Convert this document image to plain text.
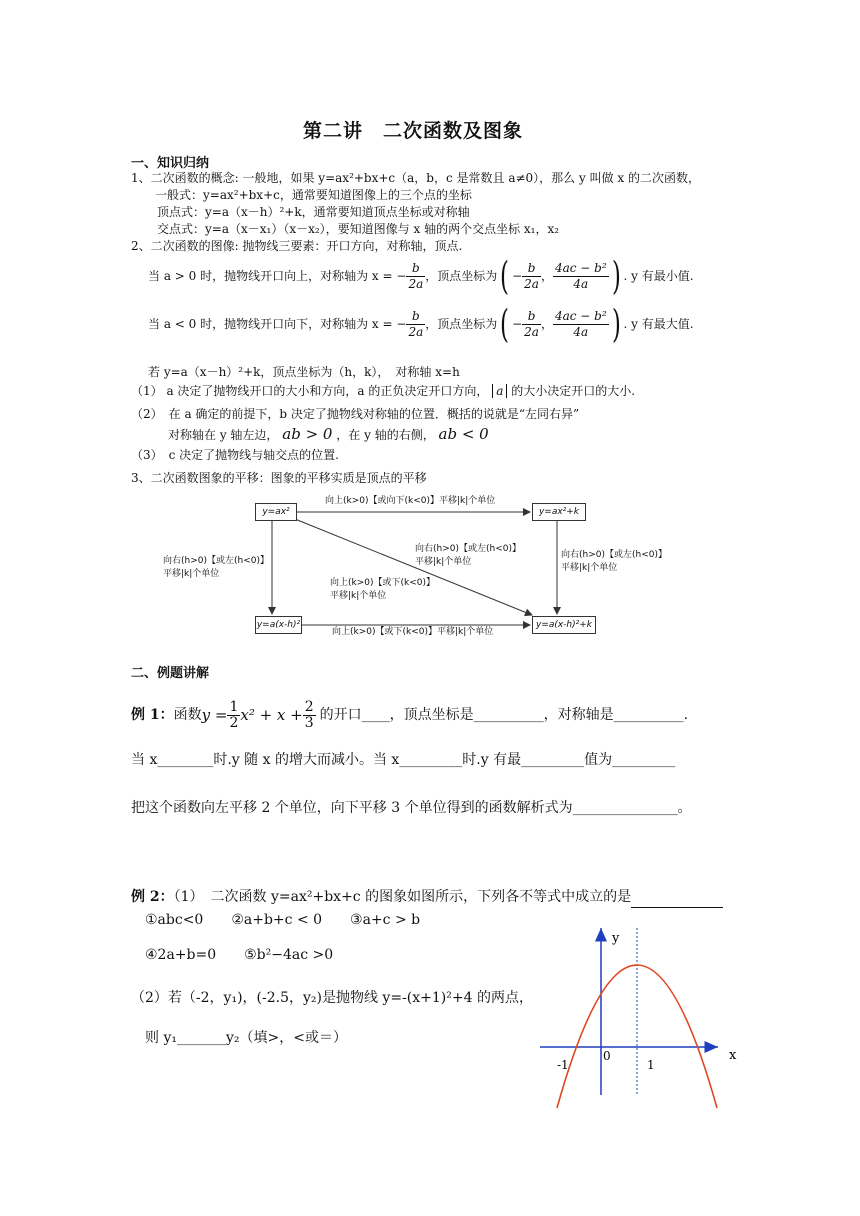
第二讲　二次函数及图象
一、知识归纳
1、二次函数的概念: 一般地，如果 y=ax²+bx+c（a，b，c 是常数且 a≠0），那么 y 叫做 x 的二次函数，
一般式：y=ax²+bx+c，通常要知道图像上的三个点的坐标
顶点式：y=a（x－h）²+k，通常要知道顶点坐标或对称轴
交点式：y=a（x－x₁）（x－x₂），要知道图像与 x 轴的两个交点坐标 x₁，x₂
2、二次函数的图像: 抛物线三要素：开口方向，对称轴，顶点.
当 a > 0 时，抛物线开口向上，对称轴为 x = − $\frac{b}{2a}$ ，顶点坐标为 ( − $\frac{b}{2a}$ ， $\frac{\text{4ac − b²}}{4a}$ ) . y 有最小值.
当 a < 0 时，抛物线开口向下，对称轴为 x = − $\frac{b}{2a}$ ，顶点坐标为 ( − $\frac{b}{2a}$ ， $\frac{\text{4ac − b²}}{4a}$ ) . y 有最大值.
若 y=a（x－h）²+k，顶点坐标为（h，k），　对称轴 x=h
（1） a 决定了抛物线开口的大小和方向，a 的正负决定开口方向， a 的大小决定开口的大小.
（2）　在 a 确定的前提下，b 决定了抛物线对称轴的位置．概括的说就是“左同右异”
对称轴在 y 轴左边， ab > 0 ，在 y 轴的右侧， ab < 0
（3）　c 决定了抛物线与轴交点的位置.
3、二次函数图象的平移：图象的平移实质是顶点的平移
y=ax²	y=ax²+k
y=a(x-h)²	y=a(x-h)²+k
向上(k>0)【或向下(k<0)】平移|k|个单位
向上(k>0)【或下(k<0)】平移|k|个单位
向右(h>0)【或左(h<0)】
平移|k|个单位
向右(h>0)【或左(h<0)】
平移|k|个单位
向右(h>0)【或左(h<0)】
平移|k|个单位
向上(k>0)【或下(k<0)】
平移|k|个单位
二、例题讲解
例 1： 函数 $y = \frac{1}{2} x^2 + x + \frac{2}{3}$ 的开口____，顶点坐标是__________，对称轴是__________.
当 x________时.y 随 x 的增大而减小。当 x_________时.y 有最_________值为_________
把这个函数向左平移 2 个单位，向下平移 3 个单位得到的函数解析式为_______________。
例 2：（1）　二次函数 y=ax²+bx+c 的图象如图所示，下列各不等式中成立的是
①abc<0　　②a+b+c < 0　　③a+c > b
④2a+b=0　　⑤b²−4ac >0
（2）若（-2，y₁)，(-2.5，y₂)是抛物线 y=-(x+1)²+4 的两点，
则 y₁_______y₂（填>，<或＝）
y
x
0
-1	1
